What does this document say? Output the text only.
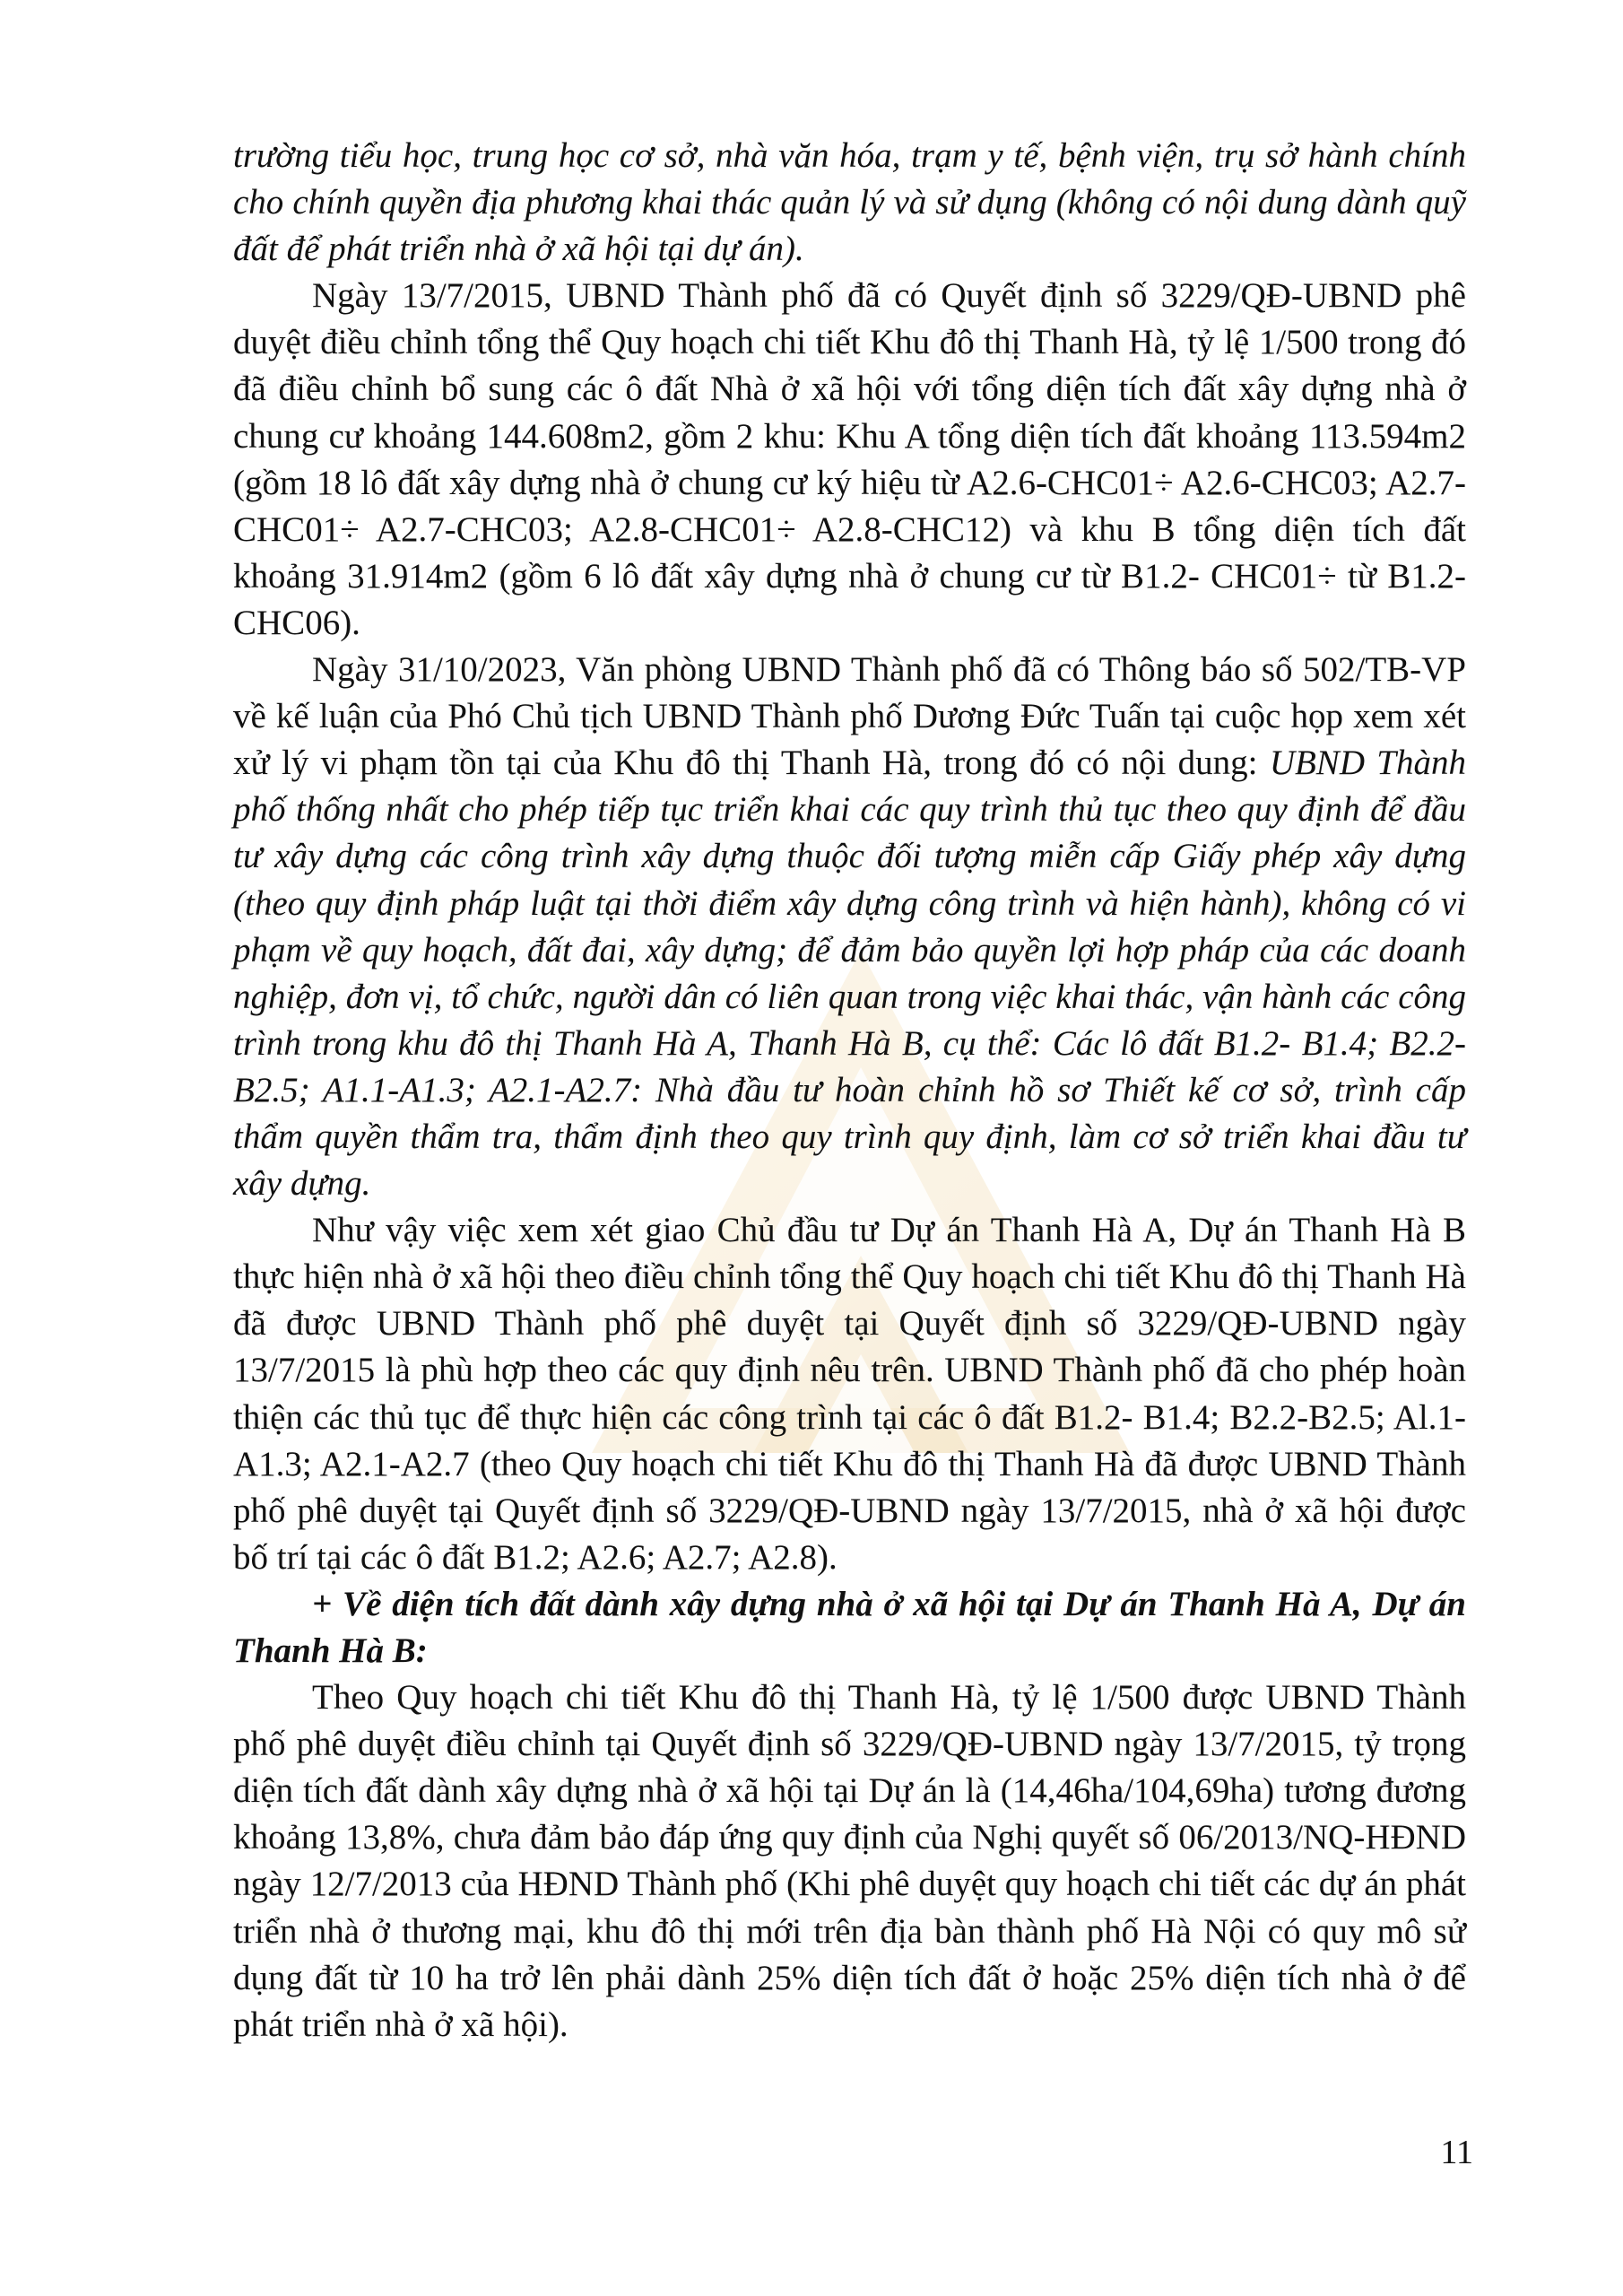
trường tiểu học, trung học cơ sở, nhà văn hóa, trạm y tế, bệnh viện, trụ sở hành chính cho chính quyền địa phương khai thác quản lý và sử dụng (không có nội dung dành quỹ đất để phát triển nhà ở xã hội tại dự án).

Ngày 13/7/2015, UBND Thành phố đã có Quyết định số 3229/QĐ-UBND phê duyệt điều chỉnh tổng thể Quy hoạch chi tiết Khu đô thị Thanh Hà, tỷ lệ 1/500 trong đó đã điều chỉnh bổ sung các ô đất Nhà ở xã hội với tổng diện tích đất xây dựng nhà ở chung cư khoảng 144.608m2, gồm 2 khu: Khu A tổng diện tích đất khoảng 113.594m2 (gồm 18 lô đất xây dựng nhà ở chung cư ký hiệu từ A2.6-CHC01÷ A2.6-CHC03; A2.7-CHC01÷ A2.7-CHC03; A2.8-CHC01÷ A2.8-CHC12) và khu B tổng diện tích đất khoảng 31.914m2 (gồm 6 lô đất xây dựng nhà ở chung cư từ B1.2- CHC01÷ từ B1.2- CHC06).

Ngày 31/10/2023, Văn phòng UBND Thành phố đã có Thông báo số 502/TB-VP về kế luận của Phó Chủ tịch UBND Thành phố Dương Đức Tuấn tại cuộc họp xem xét xử lý vi phạm tồn tại của Khu đô thị Thanh Hà, trong đó có nội dung: UBND Thành phố thống nhất cho phép tiếp tục triển khai các quy trình thủ tục theo quy định để đầu tư xây dựng các công trình xây dựng thuộc đối tượng miễn cấp Giấy phép xây dựng (theo quy định pháp luật tại thời điểm xây dựng công trình và hiện hành), không có vi phạm về quy hoạch, đất đai, xây dựng; để đảm bảo quyền lợi hợp pháp của các doanh nghiệp, đơn vị, tổ chức, người dân có liên quan trong việc khai thác, vận hành các công trình trong khu đô thị Thanh Hà A, Thanh Hà B, cụ thể: Các lô đất B1.2- B1.4; B2.2-B2.5; A1.1-A1.3; A2.1-A2.7: Nhà đầu tư hoàn chỉnh hồ sơ Thiết kế cơ sở, trình cấp thẩm quyền thẩm tra, thẩm định theo quy trình quy định, làm cơ sở triển khai đầu tư xây dựng.

Như vậy việc xem xét giao Chủ đầu tư Dự án Thanh Hà A, Dự án Thanh Hà B thực hiện nhà ở xã hội theo điều chỉnh tổng thể Quy hoạch chi tiết Khu đô thị Thanh Hà đã được UBND Thành phố phê duyệt tại Quyết định số 3229/QĐ-UBND ngày 13/7/2015 là phù hợp theo các quy định nêu trên. UBND Thành phố đã cho phép hoàn thiện các thủ tục để thực hiện các công trình tại các ô đất B1.2- B1.4; B2.2-B2.5; Al.1-A1.3; A2.1-A2.7 (theo Quy hoạch chi tiết Khu đô thị Thanh Hà đã được UBND Thành phố phê duyệt tại Quyết định số 3229/QĐ-UBND ngày 13/7/2015, nhà ở xã hội được bố trí tại các ô đất B1.2; A2.6; A2.7; A2.8).

+ Về diện tích đất dành xây dựng nhà ở xã hội tại Dự án Thanh Hà A, Dự án Thanh Hà B:

Theo Quy hoạch chi tiết Khu đô thị Thanh Hà, tỷ lệ 1/500 được UBND Thành phố phê duyệt điều chỉnh tại Quyết định số 3229/QĐ-UBND ngày 13/7/2015, tỷ trọng diện tích đất dành xây dựng nhà ở xã hội tại Dự án là (14,46ha/104,69ha) tương đương khoảng 13,8%, chưa đảm bảo đáp ứng quy định của Nghị quyết số 06/2013/NQ-HĐND ngày 12/7/2013 của HĐND Thành phố (Khi phê duyệt quy hoạch chi tiết các dự án phát triển nhà ở thương mại, khu đô thị mới trên địa bàn thành phố Hà Nội có quy mô sử dụng đất từ 10 ha trở lên phải dành 25% diện tích đất ở hoặc 25% diện tích nhà ở để phát triển nhà ở xã hội).

11
